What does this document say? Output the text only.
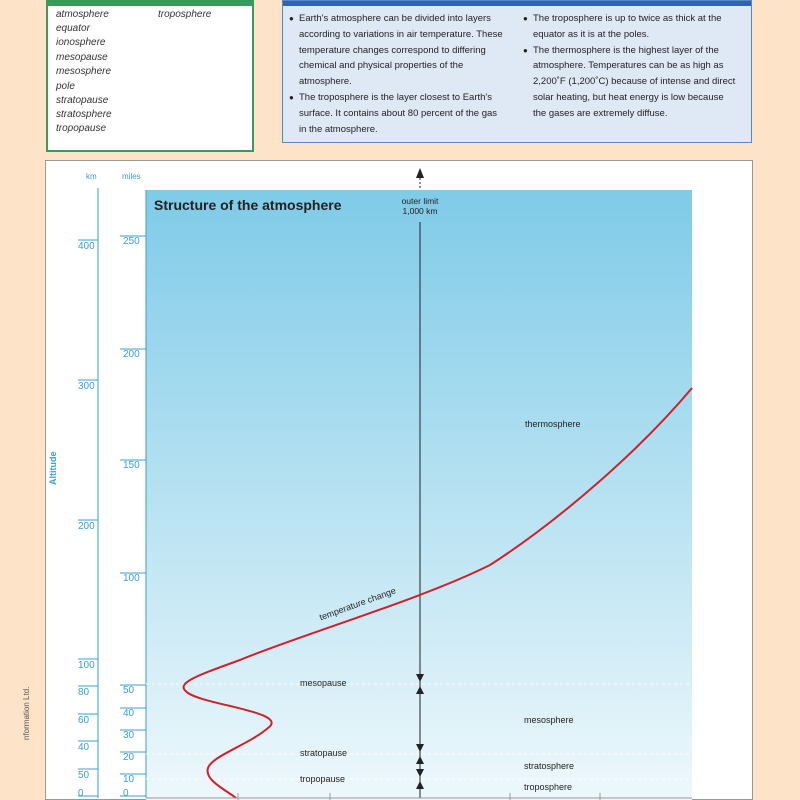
atmosphere
equator
ionosphere
mesopause
mesosphere
pole
stratopause
stratosphere
tropopause
troposphere

●	Earth's atmosphere can be divided into layers according to variations in air temperature. These temperature changes correspond to differing chemical and physical properties of the atmosphere.

● The troposphere is the layer closest to Earth's surface. It contains about 80 percent of the gas in the atmosphere.

● The troposphere is up to twice as thick at the equator as it is at the poles.

● The thermosphere is the highest layer of the atmosphere. Temperatures can be as high as 2,200˚F (1,200˚C) because of intense and direct solar heating, but heat energy is low because the gases are extremely diffuse.

km	miles
Altitude
400
300
200
100
80
60
40
50
0
250
200
150
100
50
40
30
20
10
0
Structure of the atmosphere	outer limit
1,000 km
thermosphere
temperature change
mesopause
mesosphere
stratopause
stratosphere
tropopause
troposphere
nformation Ltd.
